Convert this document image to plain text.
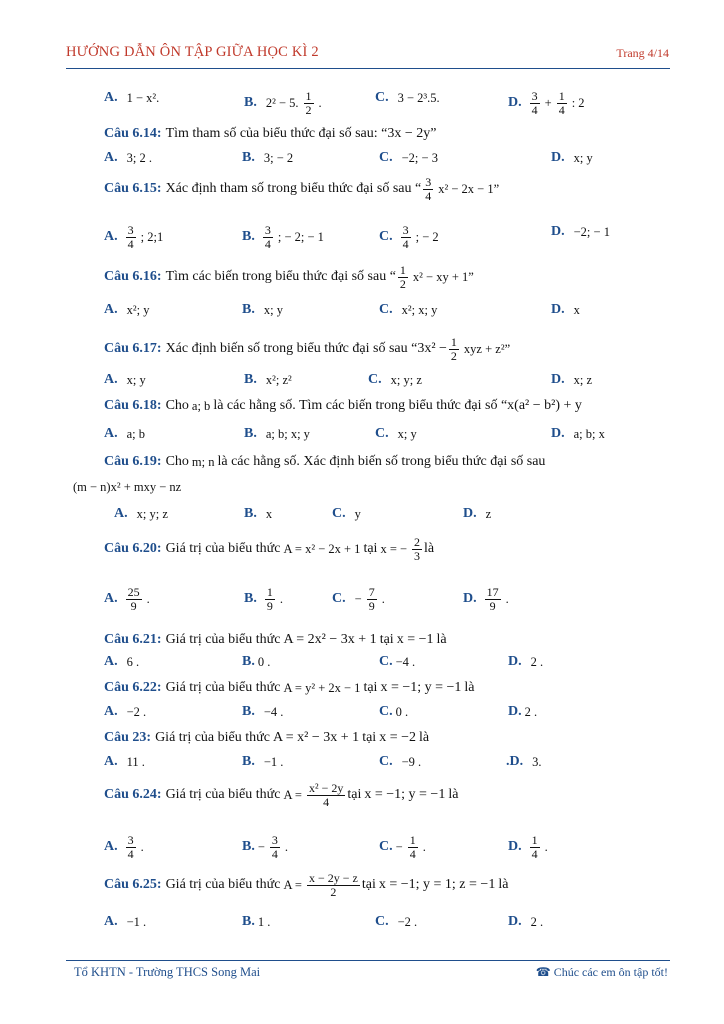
HƯỚNG DẪN ÔN TẬP GIỮA HỌC KÌ 2	Trang 4/14
A. 1 − x².	B. 2² − 5. $\frac{1}{2}$ .	C. 3 − 2³.5.	D. $\frac{3}{4} + \frac{1}{4}$ : 2
Câu 6.14: Tìm tham số của biểu thức đại số sau: “3x − 2y”
A. 3; 2 .	B. 3; − 2	C. −2; − 3	D. x; y
Câu 6.15: Xác định tham số trong biểu thức đại số sau “ $\frac{3}{4} x^2 - 2x - 1$”
A. $\frac{3}{4}$ ; 2;1	B. $\frac{3}{4}$ ; − 2; − 1	C. $\frac{3}{4}$ ; − 2	D. −2; − 1
Câu 6.16: Tìm các biến trong biểu thức đại số sau “ $\frac{1}{2} x^2$ − xy + 1”
A. x²; y	B. x; y	C. x²; x; y	D. x
Câu 6.17: Xác định biến số trong biểu thức đại số sau “$3x^2 - \frac{1}{2}$ xyz + z²”
A. x; y	B. x²; z²	C. x; y; z	D. x; z
Câu 6.18: Cho a; b là các hằng số. Tìm các biến trong biểu thức đại số “x(a² − b²) + y
A. a; b	B. a; b; x; y	C. x; y	D. a; b; x
Câu 6.19: Cho m; n là các hằng số. Xác định biến số trong biểu thức đại số sau
(m − n)x² + mxy − nz
A. x; y; z	B. x	C. y	D. z
Câu 6.20: Giá trị của biểu thức A = x² − 2x + 1 tại x = − $\frac{2}{3}$ là
A. $\frac{25}{9}$ .	B. $\frac{1}{9}$ .	C. − $\frac{7}{9}$ .	D. $\frac{17}{9}$ .
Câu 6.21: Giá trị của biểu thức A = 2x² − 3x + 1 tại x = −1 là
A. 6 .	B. 0 .	C. −4 .	D. 2 .
Câu 6.22: Giá trị của biểu thức A = y² + 2x − 1 tại x = −1; y = −1 là
A. −2 .	B. −4 .	C. 0 .	D. 2 .
Câu 23: Giá trị của biểu thức A = x² − 3x + 1 tại x = −2 là
A. 11 .	B. −1 .	C. −9 .	.D. 3.
Câu 6.24: Giá trị của biểu thức $A = \frac{\text{x² − 2y}}{4}$ tại x = −1; y = −1 là
A. $\frac{3}{4}$ .	B. − $\frac{3}{4}$ .	C. − $\frac{1}{4}$ .	D. $\frac{1}{4}$ .
Câu 6.25: Giá trị của biểu thức $A = \frac{x - 2y - z}{2}$ tại x = −1; y = 1; z = −1 là
A. −1 .	B. 1 .	C. −2 .	D. 2 .
Tổ KHTN - Trường THCS Song Mai	☎ Chúc các em ôn tập tốt!
